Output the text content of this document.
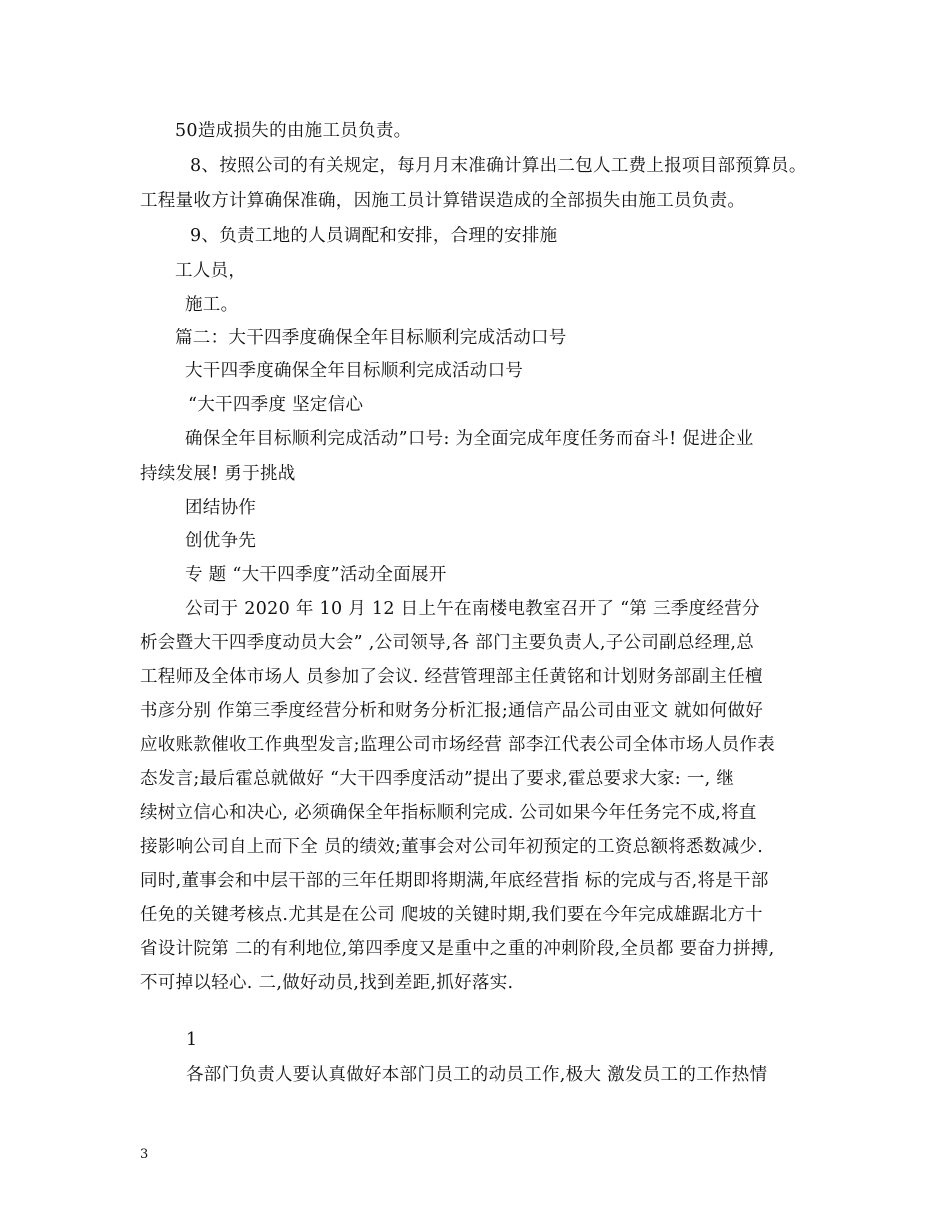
50造成损失的由施工员负责。
8、按照公司的有关规定，每月月末准确计算出二包人工费上报项目部预算员。
工程量收方计算确保准确，因施工员计算错误造成的全部损失由施工员负责。
9、负责工地的人员调配和安排，合理的安排施
工人员，
施工。
篇二：大干四季度确保全年目标顺利完成活动口号
大干四季度确保全年目标顺利完成活动口号
“大干四季度 坚定信心
确保全年目标顺利完成活动”口号: 为全面完成年度任务而奋斗! 促进企业
持续发展! 勇于挑战
团结协作
创优争先
专 题 “大干四季度”活动全面展开
公司于 2020 年 10 月 12 日上午在南楼电教室召开了 “第 三季度经营分
析会暨大干四季度动员大会” ,公司领导,各 部门主要负责人,子公司副总经理,总
工程师及全体市场人 员参加了会议. 经营管理部主任黄铭和计划财务部副主任檀
书彦分别 作第三季度经营分析和财务分析汇报;通信产品公司由亚文 就如何做好
应收账款催收工作典型发言;监理公司市场经营 部李江代表公司全体市场人员作表
态发言;最后霍总就做好 “大干四季度活动”提出了要求,霍总要求大家: 一, 继
续树立信心和决心, 必须确保全年指标顺利完成. 公司如果今年任务完不成,将直
接影响公司自上而下全 员的绩效;董事会对公司年初预定的工资总额将悉数减少.
同时,董事会和中层干部的三年任期即将期满,年底经营指 标的完成与否,将是干部
任免的关键考核点.尤其是在公司 爬坡的关键时期,我们要在今年完成雄踞北方十
省设计院第 二的有利地位,第四季度又是重中之重的冲刺阶段,全员都 要奋力拼搏,
不可掉以轻心. 二,做好动员,找到差距,抓好落实.
1
各部门负责人要认真做好本部门员工的动员工作,极大 激发员工的工作热情
3
